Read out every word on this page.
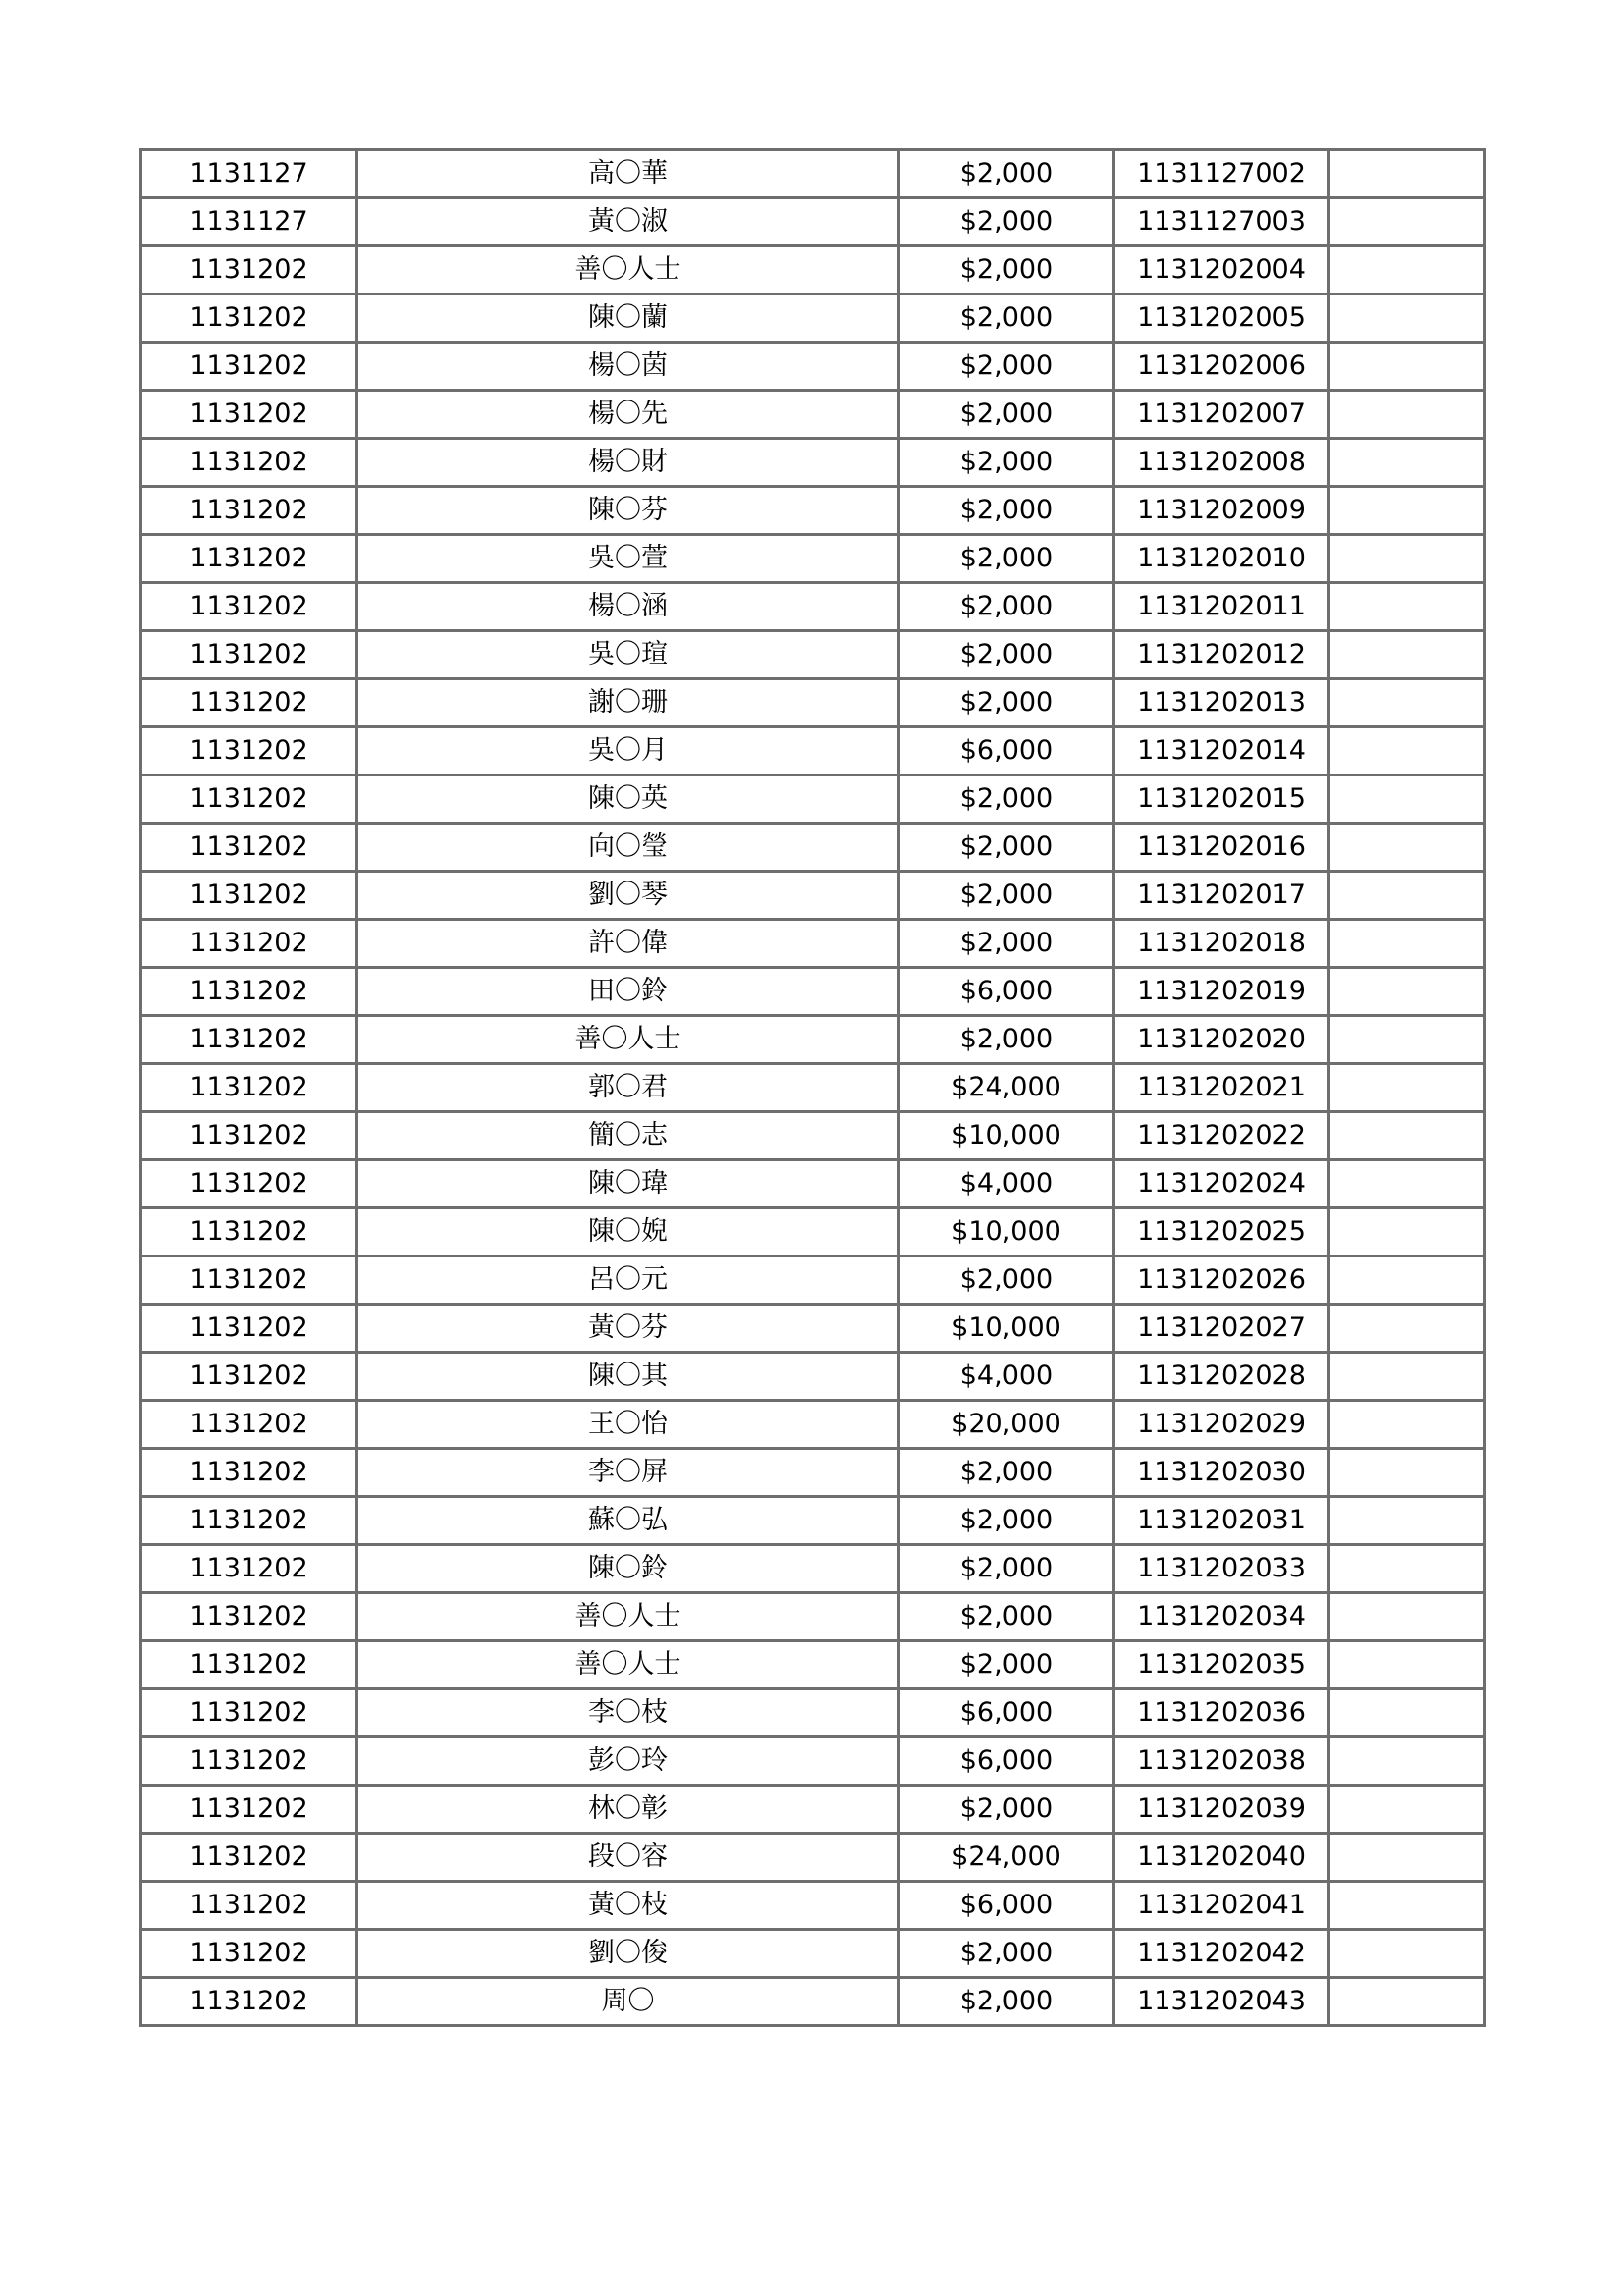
1131127	高〇華	$2,000	1131127002	
1131127	黃〇淑	$2,000	1131127003	
1131202	善〇人士	$2,000	1131202004	
1131202	陳〇蘭	$2,000	1131202005	
1131202	楊〇茵	$2,000	1131202006	
1131202	楊〇先	$2,000	1131202007	
1131202	楊〇財	$2,000	1131202008	
1131202	陳〇芬	$2,000	1131202009	
1131202	吳〇萱	$2,000	1131202010	
1131202	楊〇涵	$2,000	1131202011	
1131202	吳〇瑄	$2,000	1131202012	
1131202	謝〇珊	$2,000	1131202013	
1131202	吳〇月	$6,000	1131202014	
1131202	陳〇英	$2,000	1131202015	
1131202	向〇瑩	$2,000	1131202016	
1131202	劉〇琴	$2,000	1131202017	
1131202	許〇偉	$2,000	1131202018	
1131202	田〇鈴	$6,000	1131202019	
1131202	善〇人士	$2,000	1131202020	
1131202	郭〇君	$24,000	1131202021	
1131202	簡〇志	$10,000	1131202022	
1131202	陳〇瑋	$4,000	1131202024	
1131202	陳〇婗	$10,000	1131202025	
1131202	呂〇元	$2,000	1131202026	
1131202	黃〇芬	$10,000	1131202027	
1131202	陳〇其	$4,000	1131202028	
1131202	王〇怡	$20,000	1131202029	
1131202	李〇屏	$2,000	1131202030	
1131202	蘇〇弘	$2,000	1131202031	
1131202	陳〇鈴	$2,000	1131202033	
1131202	善〇人士	$2,000	1131202034	
1131202	善〇人士	$2,000	1131202035	
1131202	李〇枝	$6,000	1131202036	
1131202	彭〇玲	$6,000	1131202038	
1131202	林〇彰	$2,000	1131202039	
1131202	段〇容	$24,000	1131202040	
1131202	黃〇枝	$6,000	1131202041	
1131202	劉〇俊	$2,000	1131202042	
1131202	周〇	$2,000	1131202043	
